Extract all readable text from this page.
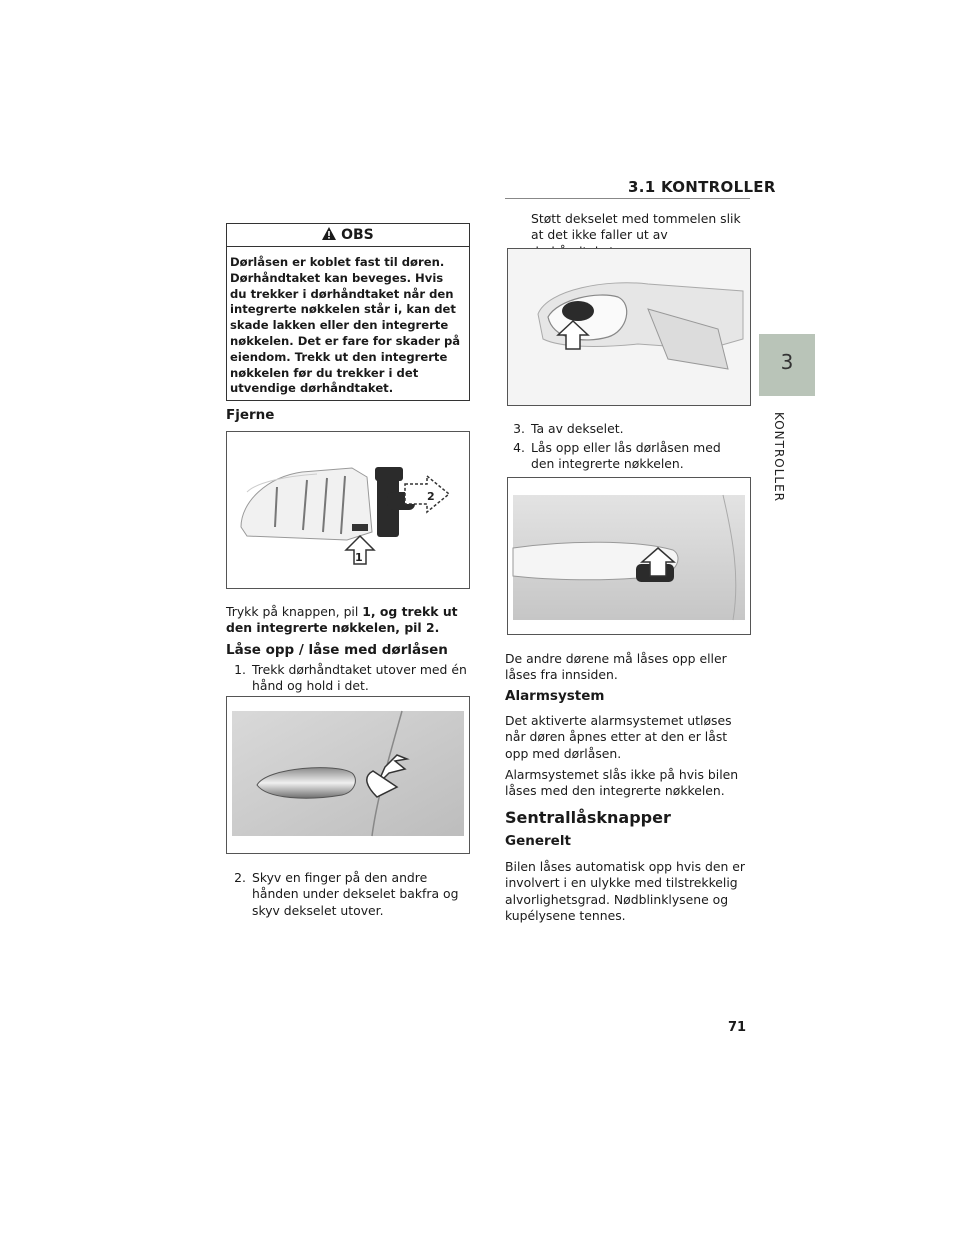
3.1 KONTROLLER
3
KONTROLLER
OBS
Dørlåsen er koblet fast til døren. Dørhåndtaket kan beveges. Hvis du trekker i dørhåndtaket når den integrerte nøkkelen står i, kan det skade lakken eller den integrerte nøkkelen. Det er fare for skader på eiendom. Trekk ut den integrerte nøkkelen før du trekker i det utvendige dørhåndtaket.
Fjerne
2
1
Trykk på knappen, pil 1, og trekk ut den integrerte nøkkelen, pil 2.
Låse opp / låse med dørlåsen
1. Trekk dørhåndtaket utover med én hånd og hold i det.
2. Skyv en finger på den andre hånden under dekselet bakfra og skyv dekselet utover.
Støtt dekselet med tommelen slik at det ikke faller ut av
3. Ta av dekselet.
4. Lås opp eller lås dørlåsen med den integrerte nøkkelen.
De andre dørene må låses opp eller låses fra innsiden.
Alarmsystem
Det aktiverte alarmsystemet utløses når døren åpnes etter at den er låst opp med dørlåsen.
Alarmsystemet slås ikke på hvis bilen låses med den integrerte nøkkelen.
Sentrallåsknapper
Generelt
Bilen låses automatisk opp hvis den er involvert i en ulykke med tilstrekkelig alvorlighetsgrad. Nødblinklysene og kupélysene tennes.
71
